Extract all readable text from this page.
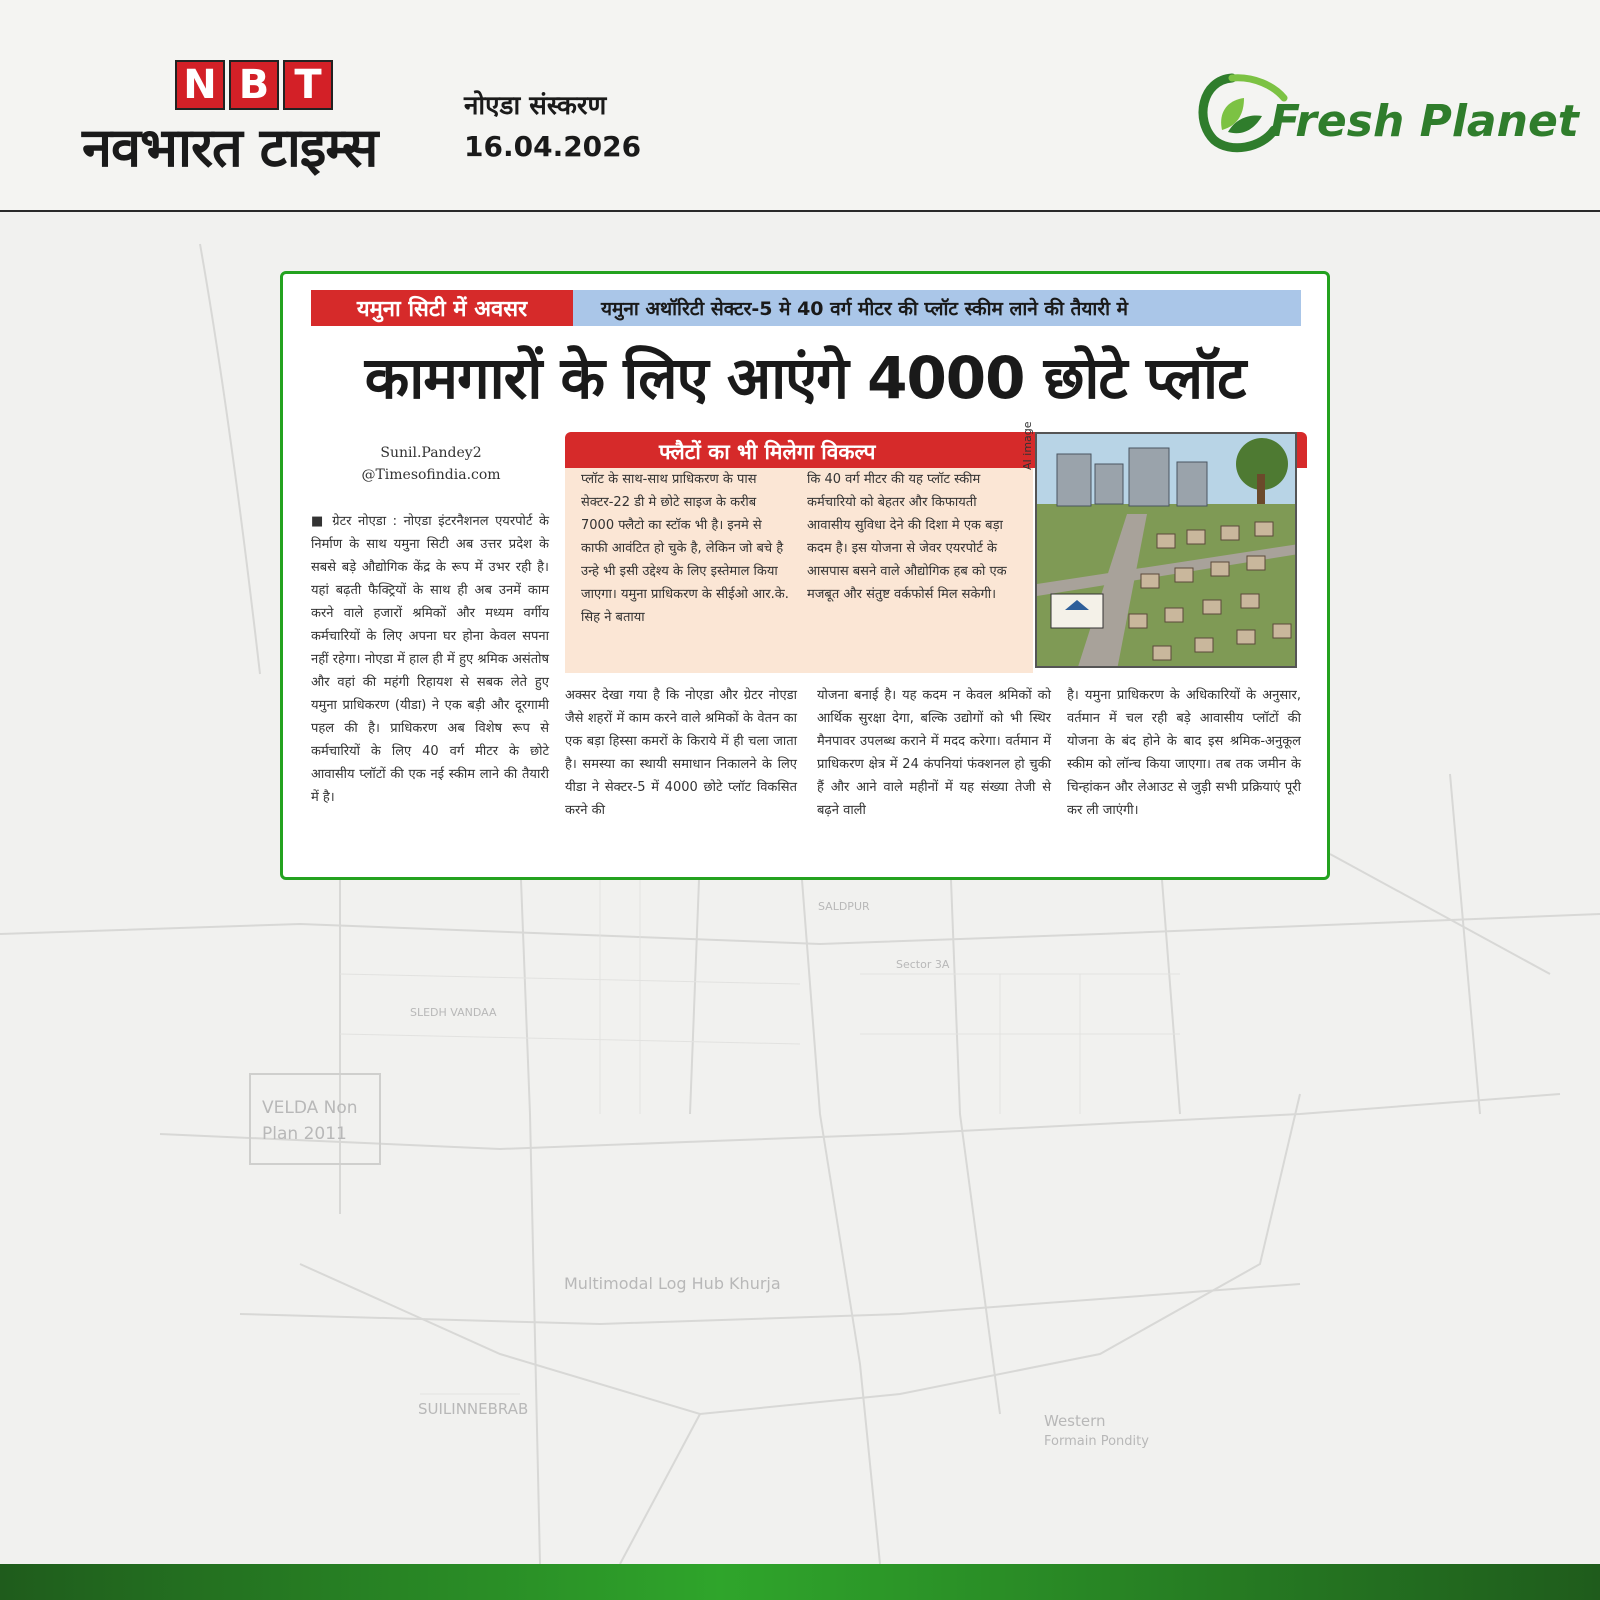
N B T
नवभारत टाइम्स
नोएडा संस्करण
16.04.2026	Fresh Planet
VELDA Non
Plan 2011
Multimodal Log Hub Khurja
SUILINNEBRAB
Western
Formain Pondity
SALDPUR
SLEDH VANDAA
Sector 3A
यमुना सिटी में अवसर	यमुना अथॉरिटी सेक्टर-5 मे 40 वर्ग मीटर की प्लॉट स्कीम लाने की तैयारी मे
कामगारों के लिए आएंगे 4000 छोटे प्लॉट
Sunil.Pandey2
@Timesofindia.com
■ ग्रेटर नोएडा : नोएडा इंटरनैशनल एयरपोर्ट के निर्माण के साथ यमुना सिटी अब उत्तर प्रदेश के सबसे बड़े औद्योगिक केंद्र के रूप में उभर रही है। यहां बढ़ती फैक्ट्रियों के साथ ही अब उनमें काम करने वाले हजारों श्रमिकों और मध्यम वर्गीय कर्मचारियों के लिए अपना घर होना केवल सपना नहीं रहेगा। नोएडा में हाल ही में हुए श्रमिक असंतोष और वहां की महंगी रिहायश से सबक लेते हुए यमुना प्राधिकरण (यीडा) ने एक बड़ी और दूरगामी पहल की है। प्राधिकरण अब विशेष रूप से कर्मचारियों के लिए 40 वर्ग मीटर के छोटे आवासीय प्लॉटों की एक नई स्कीम लाने की तैयारी में है।
फ्लैटों का भी मिलेगा विकल्प
प्लॉट के साथ-साथ प्राधिकरण के पास सेक्टर-22 डी मे छोटे साइज के करीब 7000 फ्लैटो का स्टॉक भी है। इनमे से काफी आवंटित हो चुके है, लेकिन जो बचे है उन्हे भी इसी उद्देश्य के लिए इस्तेमाल किया जाएगा। यमुना प्राधिकरण के सीईओ आर.के. सिह ने बताया
कि 40 वर्ग मीटर की यह प्लॉट स्कीम कर्मचारियो को बेहतर और किफायती आवासीय सुविधा देने की दिशा मे एक बड़ा कदम है। इस योजना से जेवर एयरपोर्ट के आसपास बसने वाले औद्योगिक हब को एक मजबूत और संतुष्ट वर्कफोर्स मिल सकेगी।
AI image
अक्सर देखा गया है कि नोएडा और ग्रेटर नोएडा जैसे शहरों में काम करने वाले श्रमिकों के वेतन का एक बड़ा हिस्सा कमरों के किराये में ही चला जाता है। समस्या का स्थायी समाधान निकालने के लिए यीडा ने सेक्टर-5 में 4000 छोटे प्लॉट विकसित करने की
योजना बनाई है। यह कदम न केवल श्रमिकों को आर्थिक सुरक्षा देगा, बल्कि उद्योगों को भी स्थिर मैनपावर उपलब्ध कराने में मदद करेगा। वर्तमान में प्राधिकरण क्षेत्र में 24 कंपनियां फंक्शनल हो चुकी हैं और आने वाले महीनों में यह संख्या तेजी से बढ़ने वाली
है। यमुना प्राधिकरण के अधिकारियों के अनुसार, वर्तमान में चल रही बड़े आवासीय प्लॉटों की योजना के बंद होने के बाद इस श्रमिक-अनुकूल स्कीम को लॉन्च किया जाएगा। तब तक जमीन के चिन्हांकन और लेआउट से जुड़ी सभी प्रक्रियाएं पूरी कर ली जाएंगी।
